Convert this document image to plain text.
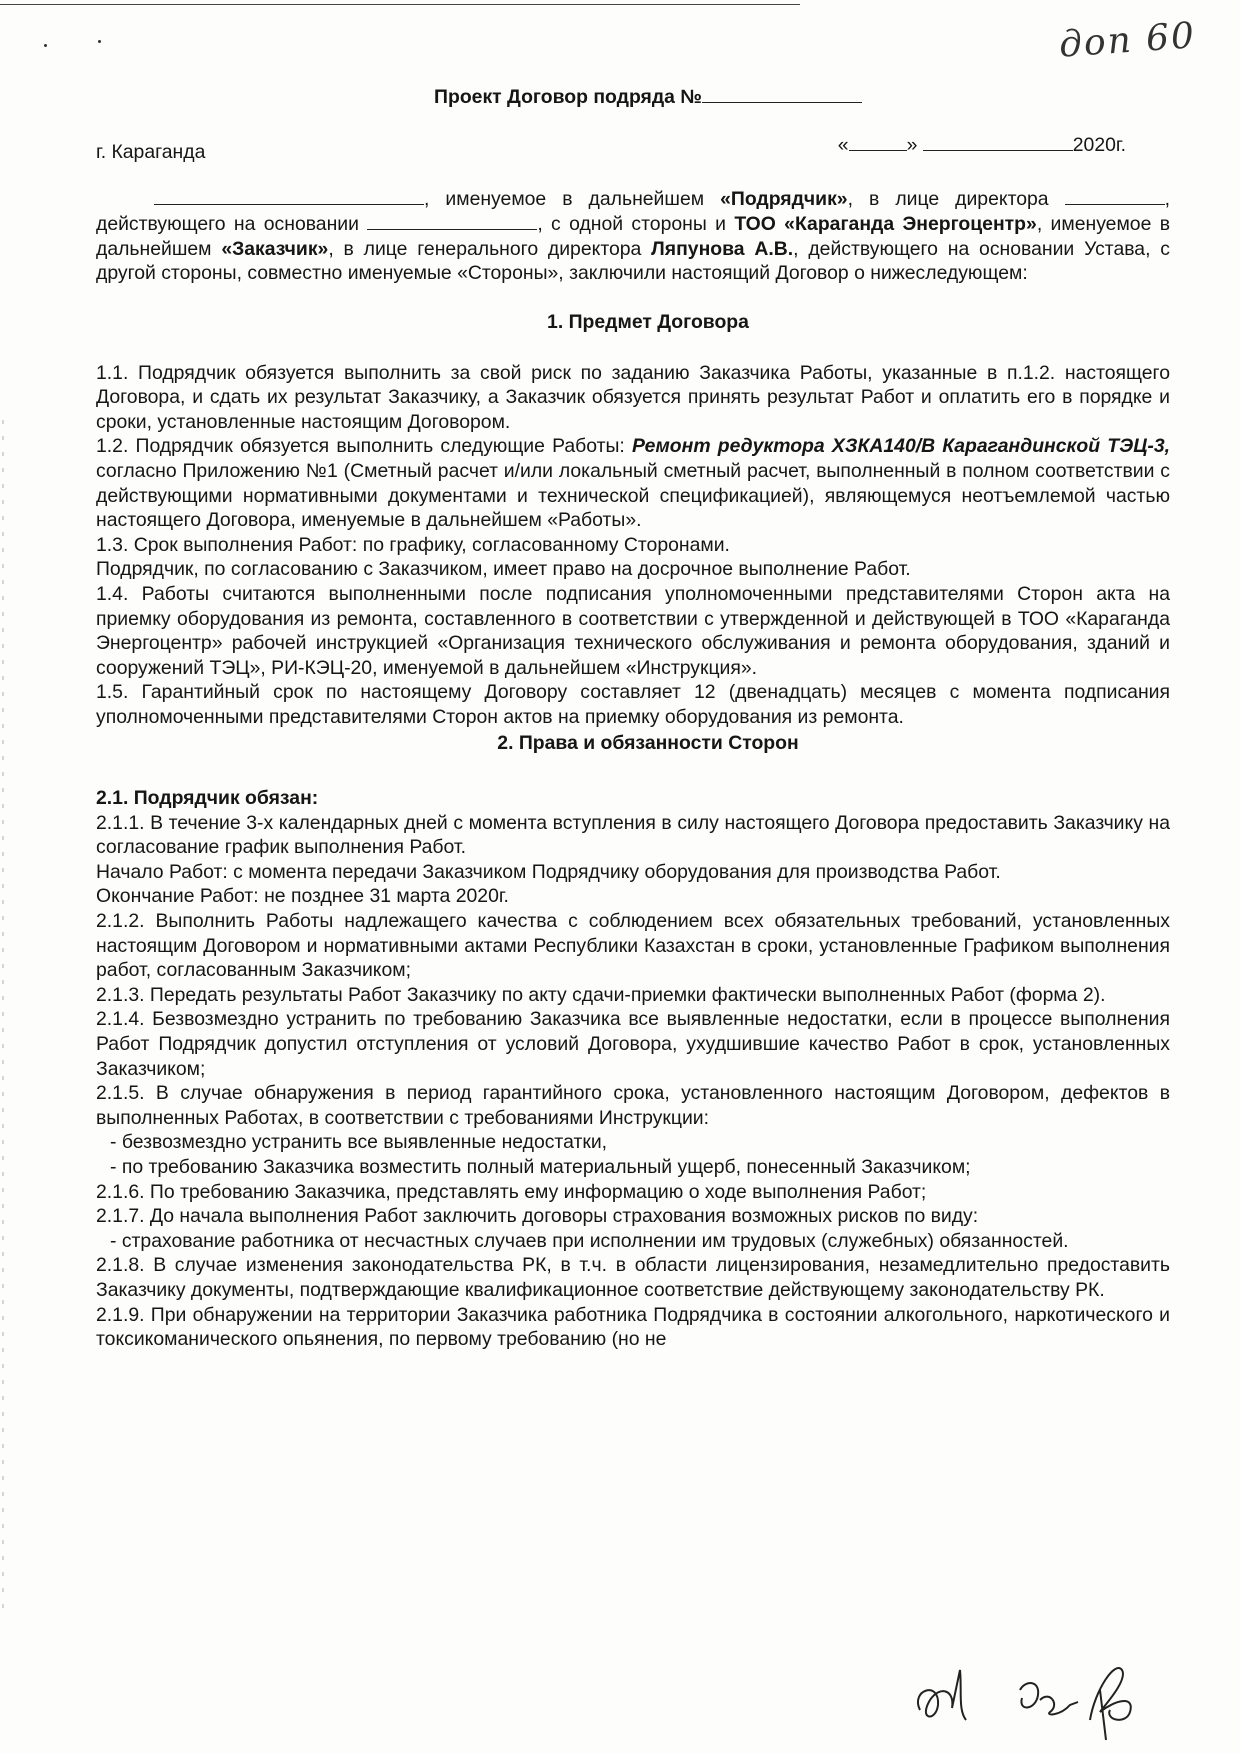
доп 60
Проект Договор подряда №
г. Караганда	«	»	2020г.

, именуемое в дальнейшем «Подрядчик», в лице директора	, действующего на основании	, с одной стороны и ТОО «Караганда Энергоцентр», именуемое в дальнейшем «Заказчик», в лице генерального директора Ляпунова А.В., действующего на основании Устава, с другой стороны, совместно именуемые «Стороны», заключили настоящий Договор о нижеследующем:

1. Предмет Договора

1.1. Подрядчик обязуется выполнить за свой риск по заданию Заказчика Работы, указанные в п.1.2. настоящего Договора, и сдать их результат Заказчику, а Заказчик обязуется принять результат Работ и оплатить его в порядке и сроки, установленные настоящим Договором.

1.2. Подрядчик обязуется выполнить следующие Работы: Ремонт редуктора ХЗКА140/В Карагандинской ТЭЦ-3, согласно Приложению №1 (Сметный расчет и/или локальный сметный расчет, выполненный в полном соответствии с действующими нормативными документами и технической спецификацией), являющемуся неотъемлемой частью настоящего Договора, именуемые в дальнейшем «Работы».

1.3. Срок выполнения Работ: по графику, согласованному Сторонами.

Подрядчик, по согласованию с Заказчиком, имеет право на досрочное выполнение Работ.

1.4. Работы считаются выполненными после подписания уполномоченными представителями Сторон акта на приемку оборудования из ремонта, составленного в соответствии с утвержденной и действующей в ТОО «Караганда Энергоцентр» рабочей инструкцией «Организация технического обслуживания и ремонта оборудования, зданий и сооружений ТЭЦ», РИ-КЭЦ-20, именуемой в дальнейшем «Инструкция».

1.5. Гарантийный срок по настоящему Договору составляет 12 (двенадцать) месяцев с момента подписания уполномоченными представителями Сторон актов на приемку оборудования из ремонта.

2. Права и обязанности Сторон

2.1. Подрядчик обязан:

2.1.1. В течение 3-х календарных дней с момента вступления в силу настоящего Договора предоставить Заказчику на согласование график выполнения Работ.

Начало Работ: с момента передачи Заказчиком Подрядчику оборудования для производства Работ.

Окончание Работ: не позднее 31 марта 2020г.

2.1.2. Выполнить Работы надлежащего качества с соблюдением всех обязательных требований, установленных настоящим Договором и нормативными актами Республики Казахстан в сроки, установленные Графиком выполнения работ, согласованным Заказчиком;

2.1.3. Передать результаты Работ Заказчику по акту сдачи-приемки фактически выполненных Работ (форма 2).

2.1.4. Безвозмездно устранить по требованию Заказчика все выявленные недостатки, если в процессе выполнения Работ Подрядчик допустил отступления от условий Договора, ухудшившие качество Работ в срок, установленных Заказчиком;

2.1.5. В случае обнаружения в период гарантийного срока, установленного настоящим Договором, дефектов в выполненных Работах, в соответствии с требованиями Инструкции:

- безвозмездно устранить все выявленные недостатки,

- по требованию Заказчика возместить полный материальный ущерб, понесенный Заказчиком;

2.1.6. По требованию Заказчика, представлять ему информацию о ходе выполнения Работ;

2.1.7. До начала выполнения Работ заключить договоры страхования возможных рисков по виду:

- страхование работника от несчастных случаев при исполнении им трудовых (служебных) обязанностей.

2.1.8. В случае изменения законодательства РК, в т.ч. в области лицензирования, незамедлительно предоставить Заказчику документы, подтверждающие квалификационное соответствие действующему законодательству РК.

2.1.9. При обнаружении на территории Заказчика работника Подрядчика в состоянии алкогольного, наркотического и токсикоманического опьянения, по первому требованию (но не
